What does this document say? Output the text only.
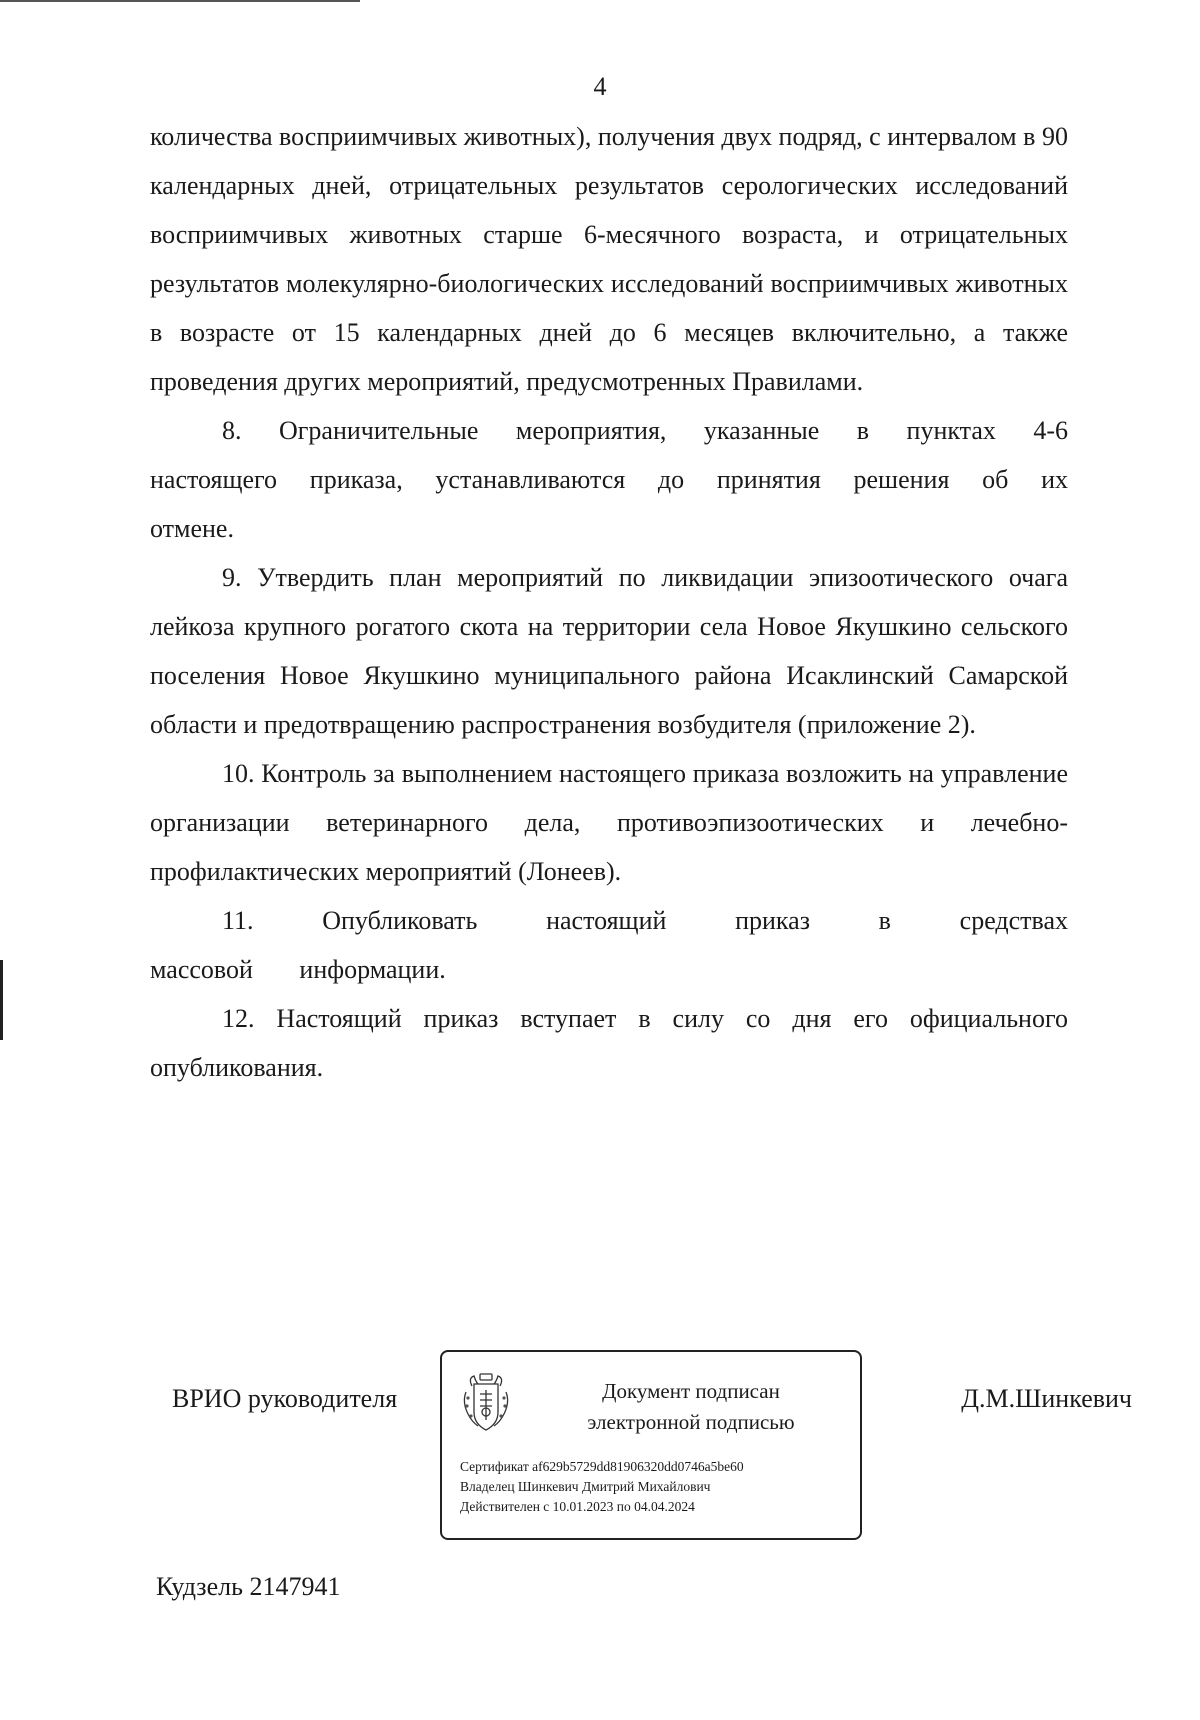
4

количества восприимчивых животных), получения двух подряд, с интервалом в 90 календарных дней, отрицательных результатов серологических исследований восприимчивых животных старше 6-месячного возраста, и отрицательных результатов молекулярно-биологических исследований восприимчивых животных в возрасте от 15 календарных дней до 6 месяцев включительно, а также проведения других мероприятий, предусмотренных Правилами.

8. Ограничительные мероприятия, указанные в пунктах 4-6 настоящего приказа, устанавливаются до принятия решения об их отмене.

9. Утвердить план мероприятий по ликвидации эпизоотического очага лейкоза крупного рогатого скота на территории села Новое Якушкино сельского поселения Новое Якушкино муниципального района Исаклинский Самарской области и предотвращению распространения возбудителя (приложение 2).

10. Контроль за выполнением настоящего приказа возложить на управление организации ветеринарного дела, противоэпизоотических и лечебно-профилактических мероприятий (Лонеев).

11. Опубликовать настоящий приказ в средствах массовой информации.

12. Настоящий приказ вступает в силу со дня его официального опубликования.

ВРИО руководителя	Документ подписан
электронной подписью
Сертификат af629b5729dd81906320dd0746a5be60
Владелец Шинкевич Дмитрий Михайлович
Действителен с 10.01.2023 по 04.04.2024
Д.М.Шинкевич
Кудзель 2147941
